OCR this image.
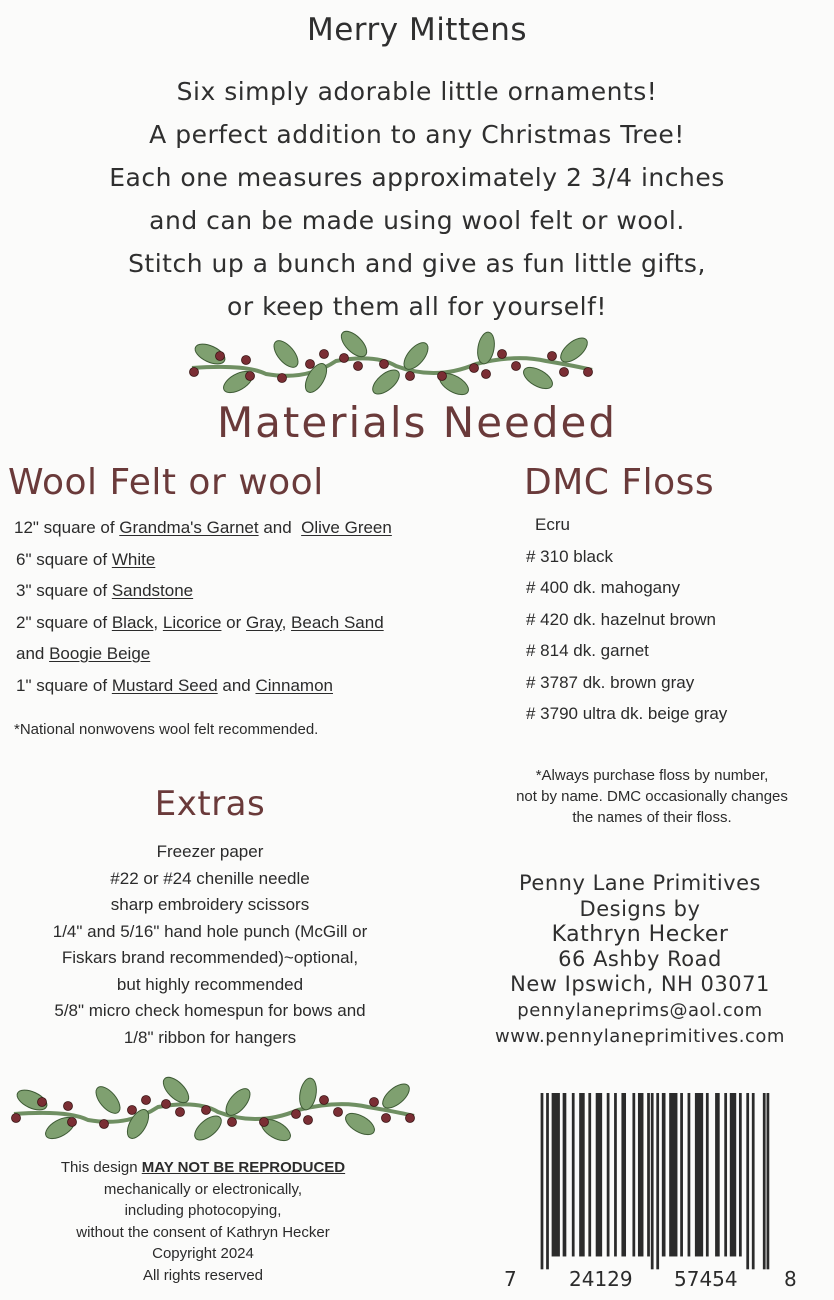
Merry Mittens
Six simply adorable little ornaments!
A perfect addition to any Christmas Tree!
Each one measures approximately 2 3/4 inches
and can be made using wool felt or wool.
Stitch up a bunch and give as fun little gifts,
or keep them all for yourself!
Materials Needed
Wool Felt or wool
12" square of Grandma's Garnet and  Olive Green
6" square of White
3" square of Sandstone
2" square of Black, Licorice or Gray, Beach Sand
and Boogie Beige
1" square of Mustard Seed and Cinnamon
*National nonwovens wool felt recommended.
DMC Floss
Ecru
# 310 black
# 400 dk. mahogany
# 420 dk. hazelnut brown
# 814 dk. garnet
# 3787 dk. brown gray
# 3790 ultra dk. beige gray
*Always purchase floss by number,
not by name. DMC occasionally changes
the names of their floss.
Extras
Freezer paper
#22 or #24 chenille needle
sharp embroidery scissors
1/4" and 5/16" hand hole punch (McGill or
Fiskars brand recommended)~optional,
but highly recommended
5/8" micro check homespun for bows and
1/8" ribbon for hangers
Penny Lane Primitives
Designs by
Kathryn Hecker
66 Ashby Road
New Ipswich, NH 03071
pennylaneprims@aol.com
www.pennylaneprimitives.com
This design MAY NOT BE REPRODUCED
mechanically or electronically,
including photocopying,
without the consent of Kathryn Hecker
Copyright 2024
All rights reserved	7	24129 57454 8
